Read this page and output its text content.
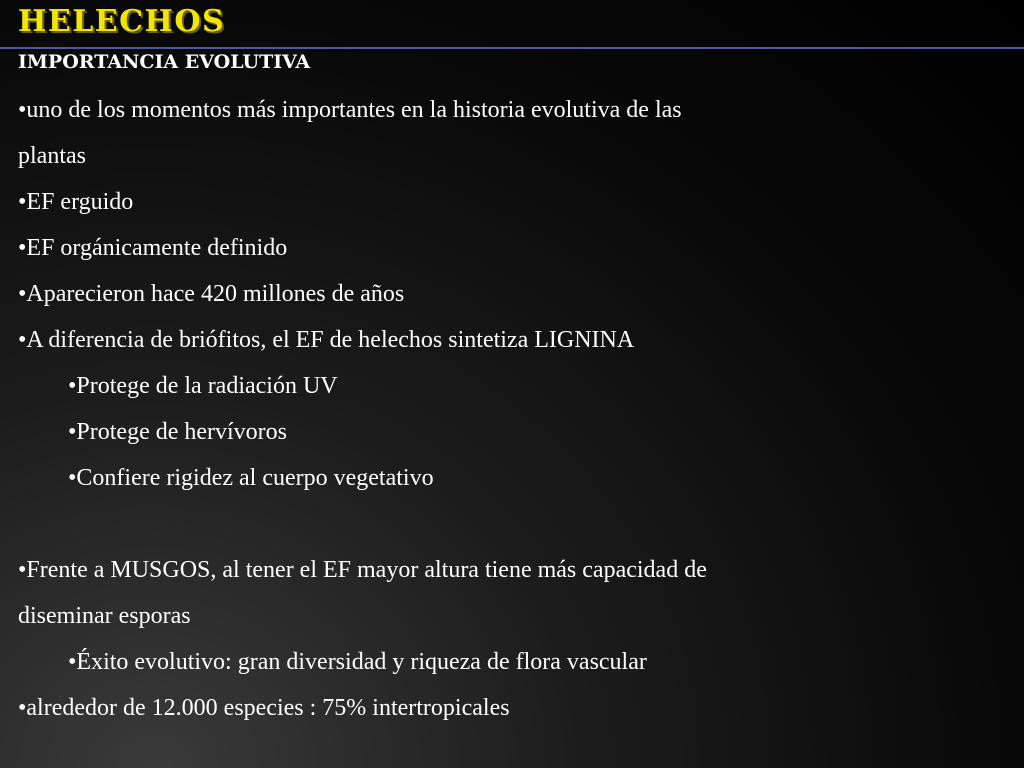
HELECHOS
IMPORTANCIA EVOLUTIVA
•uno de los momentos más importantes en la historia evolutiva de las
plantas
•EF erguido
•EF orgánicamente definido
•Aparecieron hace 420 millones de años
•A diferencia de briófitos, el EF de helechos sintetiza LIGNINA
•Protege de la radiación UV
•Protege de hervívoros
•Confiere rigidez al cuerpo vegetativo
•Frente a MUSGOS, al tener el EF mayor altura tiene más capacidad de
diseminar esporas
•Éxito evolutivo: gran diversidad y riqueza de flora vascular
•alrededor de 12.000 especies : 75% intertropicales
